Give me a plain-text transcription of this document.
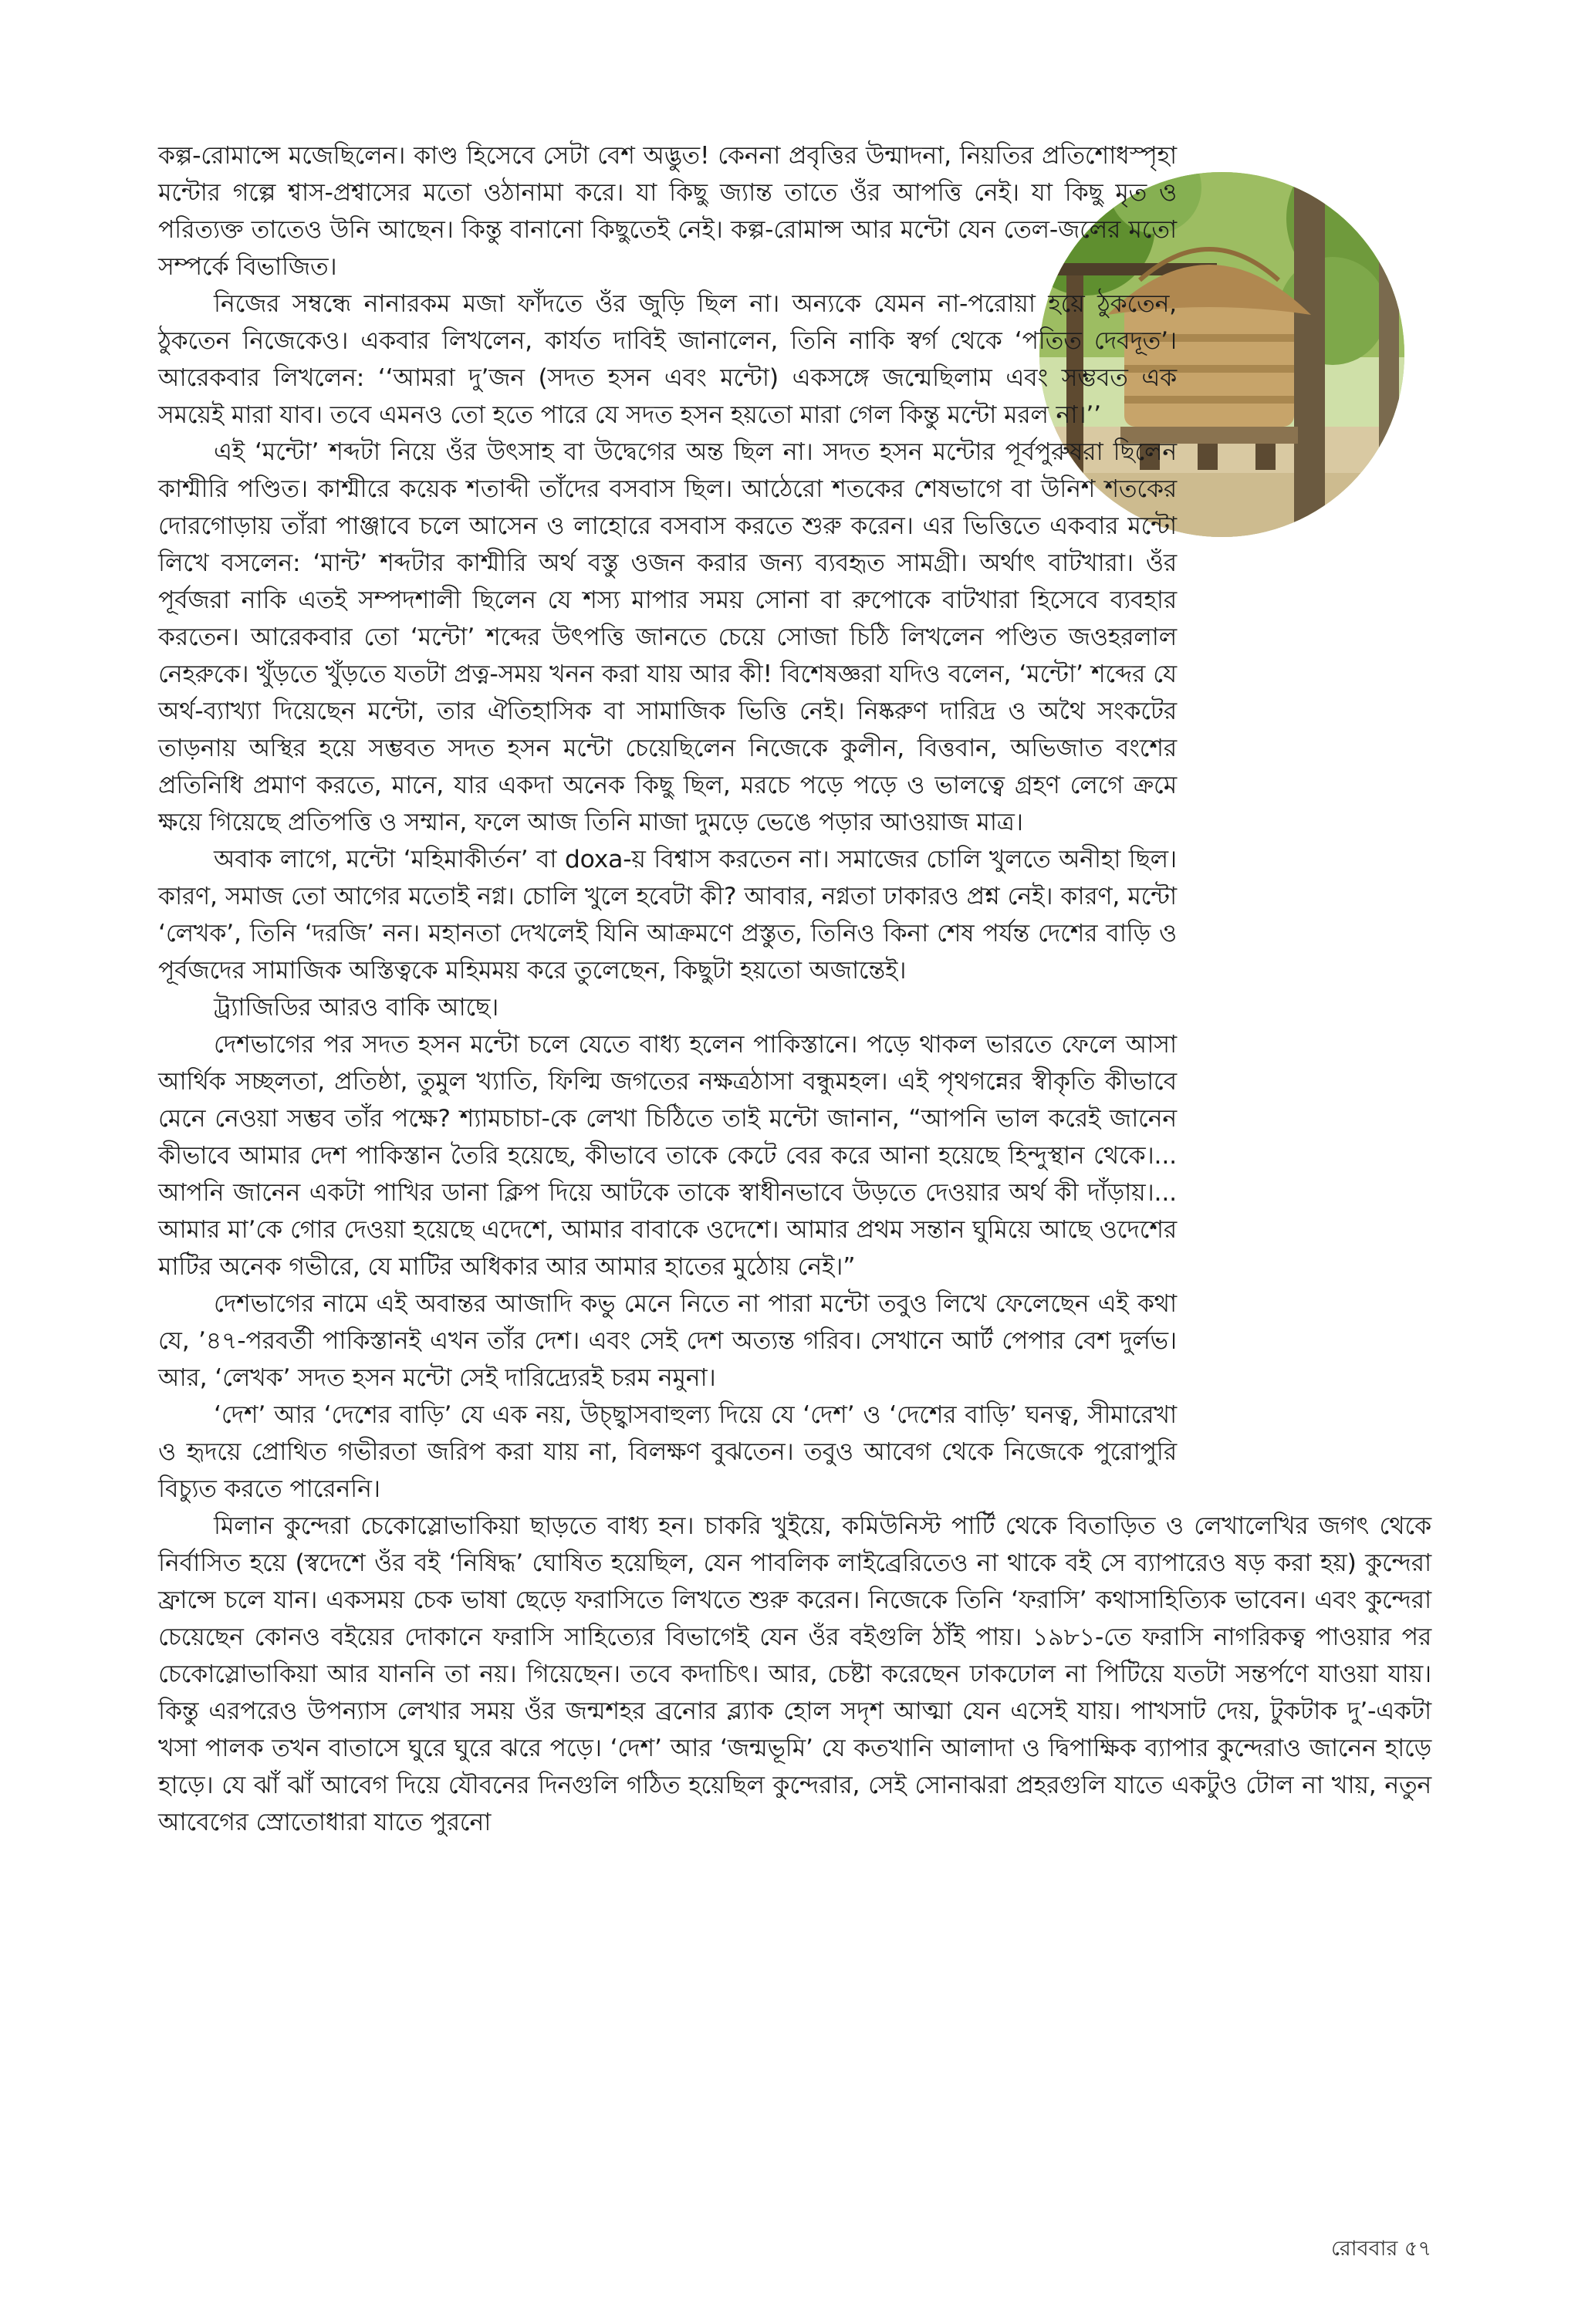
কল্প-রোমান্সে মজেছিলেন। কাণ্ড হিসেবে সেটা বেশ অদ্ভুত! কেননা প্রবৃত্তির উন্মাদনা, নিয়তির প্রতিশোধস্পৃহা মন্টোর গল্পে শ্বাস-প্রশ্বাসের মতো ওঠানামা করে। যা কিছু জ্যান্ত তাতে ওঁর আপত্তি নেই। যা কিছু মৃত ও পরিত্যক্ত তাতেও উনি আছেন। কিন্তু বানানো কিছুতেই নেই। কল্প-রোমান্স আর মন্টো যেন তেল-জলের মতো সম্পর্কে বিভাজিত।

নিজের সম্বন্ধে নানারকম মজা ফাঁদতে ওঁর জুড়ি ছিল না। অন্যকে যেমন না-পরোয়া হয়ে ঠুকতেন, ঠুকতেন নিজেকেও। একবার লিখলেন, কার্যত দাবিই জানালেন, তিনি নাকি স্বর্গ থেকে ‘পতিত দেবদূত’। আরেকবার লিখলেন: ‘‘আমরা দু’জন (সদত হসন এবং মন্টো) একসঙ্গে জন্মেছিলাম এবং সম্ভবত এক সময়েই মারা যাব। তবে এমনও তো হতে পারে যে সদত হসন হয়তো মারা গেল কিন্তু মন্টো মরল না।’’

এই ‘মন্টো’ শব্দটা নিয়ে ওঁর উৎসাহ বা উদ্বেগের অন্ত ছিল না। সদত হসন মন্টোর পূর্বপুরুষরা ছিলেন কাশ্মীরি পণ্ডিত। কাশ্মীরে কয়েক শতাব্দী তাঁদের বসবাস ছিল। আঠেরো শতকের শেষভাগে বা উনিশ শতকের দোরগোড়ায় তাঁরা পাঞ্জাবে চলে আসেন ও লাহোরে বসবাস করতে শুরু করেন। এর ভিত্তিতে একবার মন্টো লিখে বসলেন: ‘মান্ট’ শব্দটার কাশ্মীরি অর্থ বস্তু ওজন করার জন্য ব্যবহৃত সামগ্রী। অর্থাৎ বাটখারা। ওঁর পূর্বজরা নাকি এতই সম্পদশালী ছিলেন যে শস্য মাপার সময় সোনা বা রুপোকে বাটখারা হিসেবে ব্যবহার করতেন। আরেকবার তো ‘মন্টো’ শব্দের উৎপত্তি জানতে চেয়ে সোজা চিঠি লিখলেন পণ্ডিত জওহরলাল নেহরুকে। খুঁড়তে খুঁড়তে যতটা প্রত্ন-সময় খনন করা যায় আর কী! বিশেষজ্ঞরা যদিও বলেন, ‘মন্টো’ শব্দের যে অর্থ-ব্যাখ্যা দিয়েছেন মন্টো, তার ঐতিহাসিক বা সামাজিক ভিত্তি নেই। নিষ্করুণ দারিদ্র ও অথৈ সংকটের তাড়নায় অস্থির হয়ে সম্ভবত সদত হসন মন্টো চেয়েছিলেন নিজেকে কুলীন, বিত্তবান, অভিজাত বংশের প্রতিনিধি প্রমাণ করতে, মানে, যার একদা অনেক কিছু ছিল, মরচে পড়ে পড়ে ও ভালত্বে গ্রহণ লেগে ক্রমে ক্ষয়ে গিয়েছে প্রতিপত্তি ও সম্মান, ফলে আজ তিনি মাজা দুমড়ে ভেঙে পড়ার আওয়াজ মাত্র।

অবাক লাগে, মন্টো ‘মহিমাকীর্তন’ বা doxa-য় বিশ্বাস করতেন না। সমাজের চোলি খুলতে অনীহা ছিল। কারণ, সমাজ তো আগের মতোই নগ্ন। চোলি খুলে হবেটা কী? আবার, নগ্নতা ঢাকারও প্রশ্ন নেই। কারণ, মন্টো ‘লেখক’, তিনি ‘দরজি’ নন। মহানতা দেখলেই যিনি আক্রমণে প্রস্তুত, তিনিও কিনা শেষ পর্যন্ত দেশের বাড়ি ও পূর্বজদের সামাজিক অস্তিত্বকে মহিমময় করে তুলেছেন, কিছুটা হয়তো অজান্তেই।

ট্র্যাজিডির আরও বাকি আছে।

দেশভাগের পর সদত হসন মন্টো চলে যেতে বাধ্য হলেন পাকিস্তানে। পড়ে থাকল ভারতে ফেলে আসা আর্থিক সচ্ছলতা, প্রতিষ্ঠা, তুমুল খ্যাতি, ফিল্মি জগতের নক্ষত্রঠাসা বন্ধুমহল। এই পৃথগন্নের স্বীকৃতি কীভাবে মেনে নেওয়া সম্ভব তাঁর পক্ষে? শ্যামচাচা-কে লেখা চিঠিতে তাই মন্টো জানান, “আপনি ভাল করেই জানেন কীভাবে আমার দেশ পাকিস্তান তৈরি হয়েছে, কীভাবে তাকে কেটে বের করে আনা হয়েছে হিন্দুস্থান থেকে।... আপনি জানেন একটা পাখির ডানা ক্লিপ দিয়ে আটকে তাকে স্বাধীনভাবে উড়তে দেওয়ার অর্থ কী দাঁড়ায়।... আমার মা’কে গোর দেওয়া হয়েছে এদেশে, আমার বাবাকে ওদেশে। আমার প্রথম সন্তান ঘুমিয়ে আছে ওদেশের মাটির অনেক গভীরে, যে মাটির অধিকার আর আমার হাতের মুঠোয় নেই।”

দেশভাগের নামে এই অবান্তর আজাদি কভু মেনে নিতে না পারা মন্টো তবুও লিখে ফেলেছেন এই কথা যে, ’৪৭-পরবর্তী পাকিস্তানই এখন তাঁর দেশ। এবং সেই দেশ অত্যন্ত গরিব। সেখানে আর্ট পেপার বেশ দুর্লভ। আর, ‘লেখক’ সদত হসন মন্টো সেই দারিদ্র্যেরই চরম নমুনা।

‘দেশ’ আর ‘দেশের বাড়ি’ যে এক নয়, উচ্ছ্বাসবাহুল্য দিয়ে যে ‘দেশ’ ও ‘দেশের বাড়ি’ ঘনত্ব, সীমারেখা ও হৃদয়ে প্রোথিত গভীরতা জরিপ করা যায় না, বিলক্ষণ বুঝতেন। তবুও আবেগ থেকে নিজেকে পুরোপুরি বিচ্যুত করতে পারেননি।

মিলান কুন্দেরা চেকোস্লোভাকিয়া ছাড়তে বাধ্য হন। চাকরি খুইয়ে, কমিউনিস্ট পার্টি থেকে বিতাড়িত ও লেখালেখির জগৎ থেকে নির্বাসিত হয়ে (স্বদেশে ওঁর বই ‘নিষিদ্ধ’ ঘোষিত হয়েছিল, যেন পাবলিক লাইব্রেরিতেও না থাকে বই সে ব্যাপারেও ষড় করা হয়) কুন্দেরা ফ্রান্সে চলে যান। একসময় চেক ভাষা ছেড়ে ফরাসিতে লিখতে শুরু করেন। নিজেকে তিনি ‘ফরাসি’ কথাসাহিত্যিক ভাবেন। এবং কুন্দেরা চেয়েছেন কোনও বইয়ের দোকানে ফরাসি সাহিত্যের বিভাগেই যেন ওঁর বইগুলি ঠাঁই পায়। ১৯৮১-তে ফরাসি নাগরিকত্ব পাওয়ার পর চেকোস্লোভাকিয়া আর যাননি তা নয়। গিয়েছেন। তবে কদাচিৎ। আর, চেষ্টা করেছেন ঢাকঢোল না পিটিয়ে যতটা সন্তর্পণে যাওয়া যায়। কিন্তু এরপরেও উপন্যাস লেখার সময় ওঁর জন্মশহর ব্রনোর ব্ল্যাক হোল সদৃশ আত্মা যেন এসেই যায়। পাখসাট দেয়, টুকটাক দু’-একটা খসা পালক তখন বাতাসে ঘুরে ঘুরে ঝরে পড়ে। ‘দেশ’ আর ‘জন্মভূমি’ যে কতখানি আলাদা ও দ্বিপাক্ষিক ব্যাপার কুন্দেরাও জানেন হাড়ে হাড়ে। যে ঝাঁ ঝাঁ আবেগ দিয়ে যৌবনের দিনগুলি গঠিত হয়েছিল কুন্দেরার, সেই সোনাঝরা প্রহরগুলি যাতে একটুও টোল না খায়, নতুন আবেগের স্রোতোধারা যাতে পুরনো

রোববার ৫৭
